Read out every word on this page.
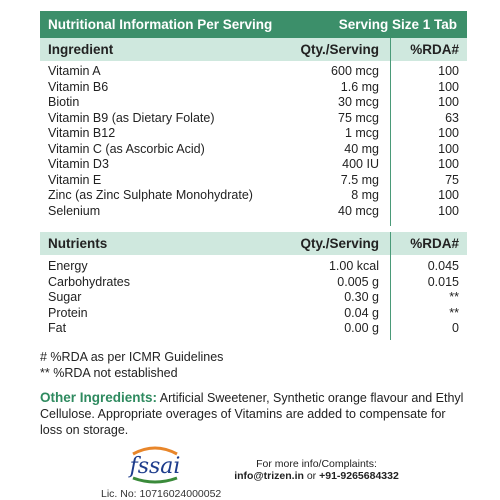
Nutritional Information Per Serving	Serving Size 1 Tab
Ingredient	Qty./Serving %RDA#
Vitamin A	600 mcg	100
Vitamin B6	1.6 mg	100
Biotin	30 mcg	100
Vitamin B9 (as Dietary Folate)	75 mcg	63
Vitamin B12	1 mcg	100
Vitamin C (as Ascorbic Acid)	40 mg	100
Vitamin D3	400 IU	100
Vitamin E	7.5 mg	75
Zinc (as Zinc Sulphate Monohydrate)	8 mg	100
Selenium	40 mcg	100
Nutrients	Qty./Serving %RDA#
Energy	1.00 kcal	0.045
Carbohydrates	0.005 g	0.015
Sugar	0.30 g	**
Protein	0.04 g	**
Fat	0.00 g	0
# %RDA as per ICMR Guidelines
** %RDA not established
Other Ingredients: Artificial Sweetener, Synthetic orange flavour and Ethyl Cellulose. Appropriate overages of Vitamins are added to compensate for loss on storage.
fssai
Lic. No: 10716024000052
For more info/Complaints:
info@trizen.in or +91-9265684332
